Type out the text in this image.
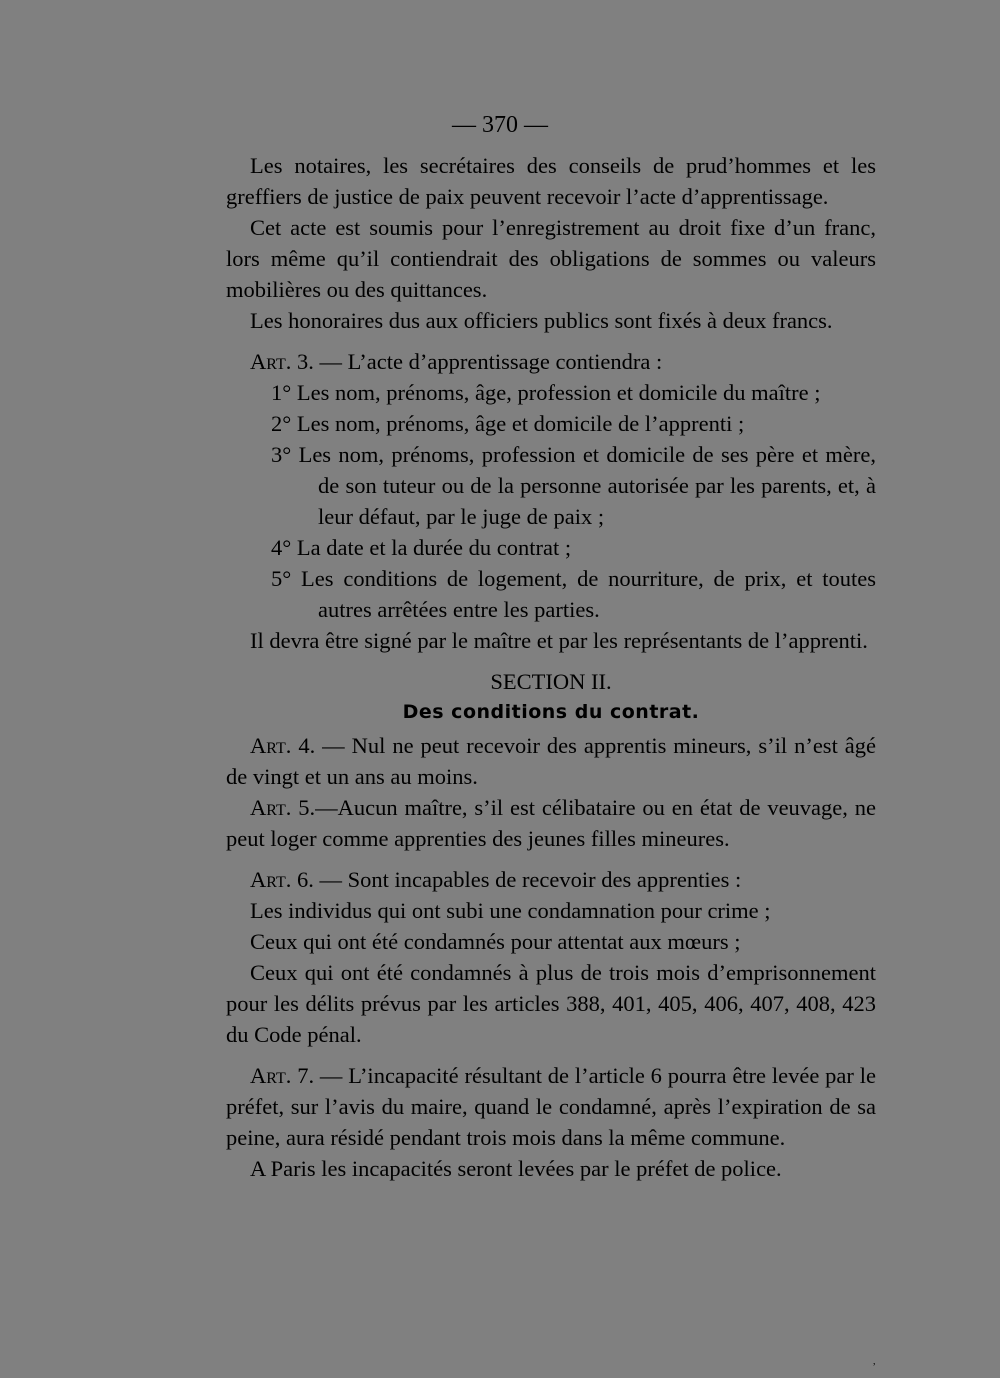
— 370 —

Les notaires, les secrétaires des conseils de prud’hommes et les greffiers de justice de paix peuvent recevoir l’acte d’apprentissage.

Cet acte est soumis pour l’enregistrement au droit fixe d’un franc, lors même qu’il contiendrait des obligations de sommes ou valeurs mobilières ou des quittances.

Les honoraires dus aux officiers publics sont fixés à deux francs.

Art. 3. — L’acte d’apprentissage contiendra :

1° Les nom, prénoms, âge, profession et domicile du maître ;

2° Les nom, prénoms, âge et domicile de l’apprenti ;

3° Les nom, prénoms, profession et domicile de ses père et mère, de son tuteur ou de la personne autorisée par les parents, et, à leur défaut, par le juge de paix ;

4° La date et la durée du contrat ;

5° Les conditions de logement, de nourriture, de prix, et toutes autres arrêtées entre les parties.

Il devra être signé par le maître et par les représentants de l’apprenti.

SECTION II.

Des conditions du contrat.

Art. 4. — Nul ne peut recevoir des apprentis mineurs, s’il n’est âgé de vingt et un ans au moins.

Art. 5.—Aucun maître, s’il est célibataire ou en état de veuvage, ne peut loger comme apprenties des jeunes filles mineures.

Art. 6. — Sont incapables de recevoir des apprenties :

Les individus qui ont subi une condamnation pour crime ;

Ceux qui ont été condamnés pour attentat aux mœurs ;

Ceux qui ont été condamnés à plus de trois mois d’emprisonnement pour les délits prévus par les articles 388, 401, 405, 406, 407, 408, 423 du Code pénal.

Art. 7. — L’incapacité résultant de l’article 6 pourra être levée par le préfet, sur l’avis du maire, quand le condamné, après l’expiration de sa peine, aura résidé pendant trois mois dans la même commune.

A Paris les incapacités seront levées par le préfet de police.

,
